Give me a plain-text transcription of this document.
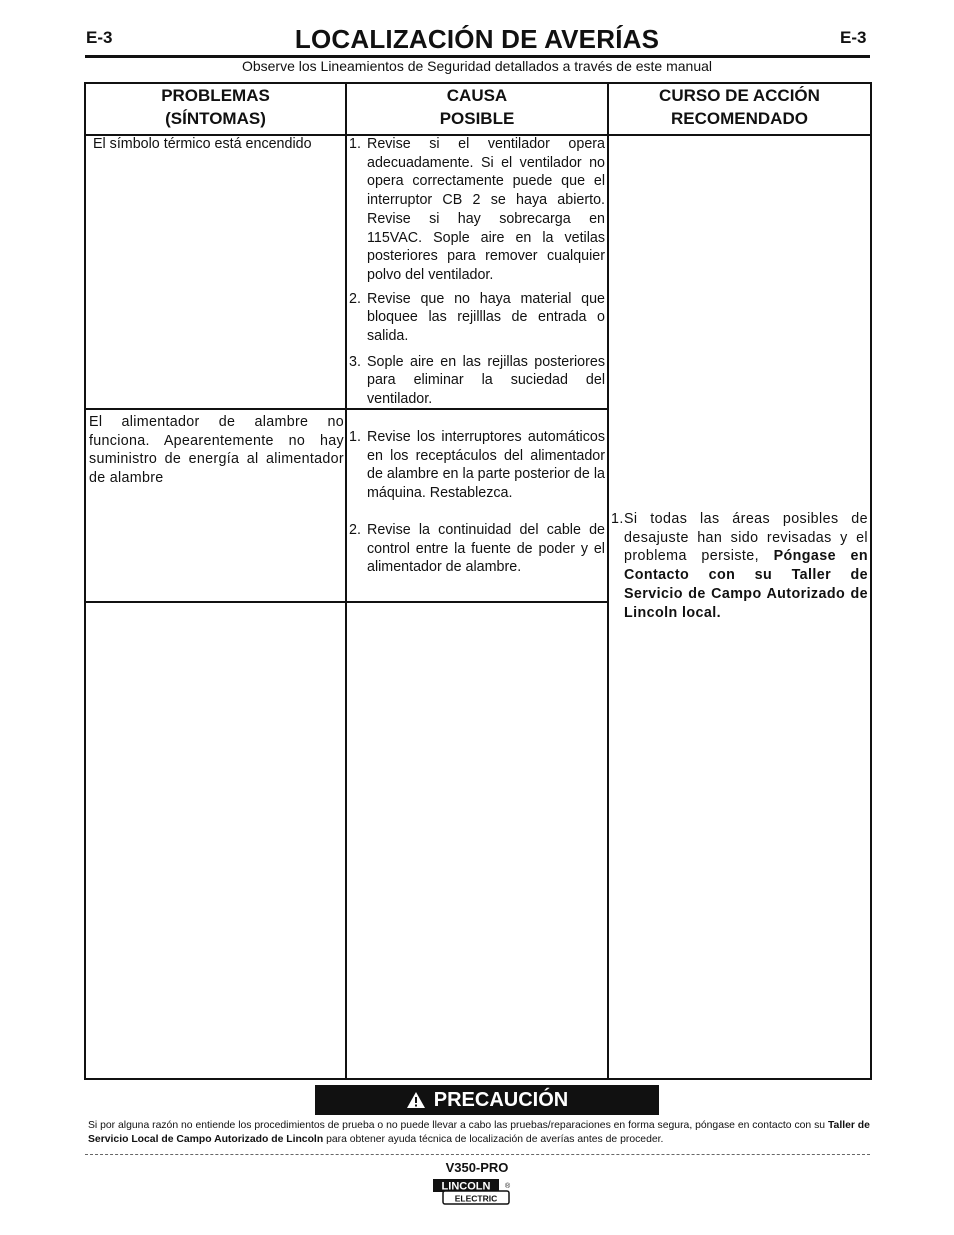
E-3	E-3
LOCALIZACIÓN DE AVERÍAS
Observe los Lineamientos de Seguridad detallados a través de este manual
PROBLEMAS
(SÍNTOMAS)
CAUSA
POSIBLE
CURSO DE ACCIÓN
RECOMENDADO
El símbolo térmico está encendido	1. Revise si el ventilador opera adecuadamente. Si el ventilador no opera correctamente puede que el interruptor CB 2 se haya abierto. Revise si hay sobrecarga en 115VAC. Sople aire en la vetilas posteriores para remover cualquier polvo del ventilador.
2. Revise que no haya material que bloquee las rejilllas de entrada o salida.
3. Sople aire en las rejillas posteriores para eliminar la suciedad del ventilador.
El alimentador de alambre no funciona. Apearentemente no hay suministro de energía al alimentador de alambre
1. Revise los interruptores automáticos en los receptáculos del alimentador de alambre en la parte posterior de la máquina. Restablezca.
2. Revise la continuidad del cable de control entre la fuente de poder y el alimentador de alambre.
1. Si todas las áreas posibles de desajuste han sido revisadas y el problema persiste, Póngase en Contacto con su Taller de Servicio de Campo Autorizado de Lincoln local.
PRECAUCIÓN
Si por alguna razón no entiende los procedimientos de prueba o no puede llevar a cabo las pruebas/reparaciones en forma segura, póngase en contacto con su Taller de Servicio Local de Campo Autorizado de Lincoln para obtener ayuda técnica de localización de averías antes de proceder.
V350-PRO
LINCOLN
ELECTRIC
®
